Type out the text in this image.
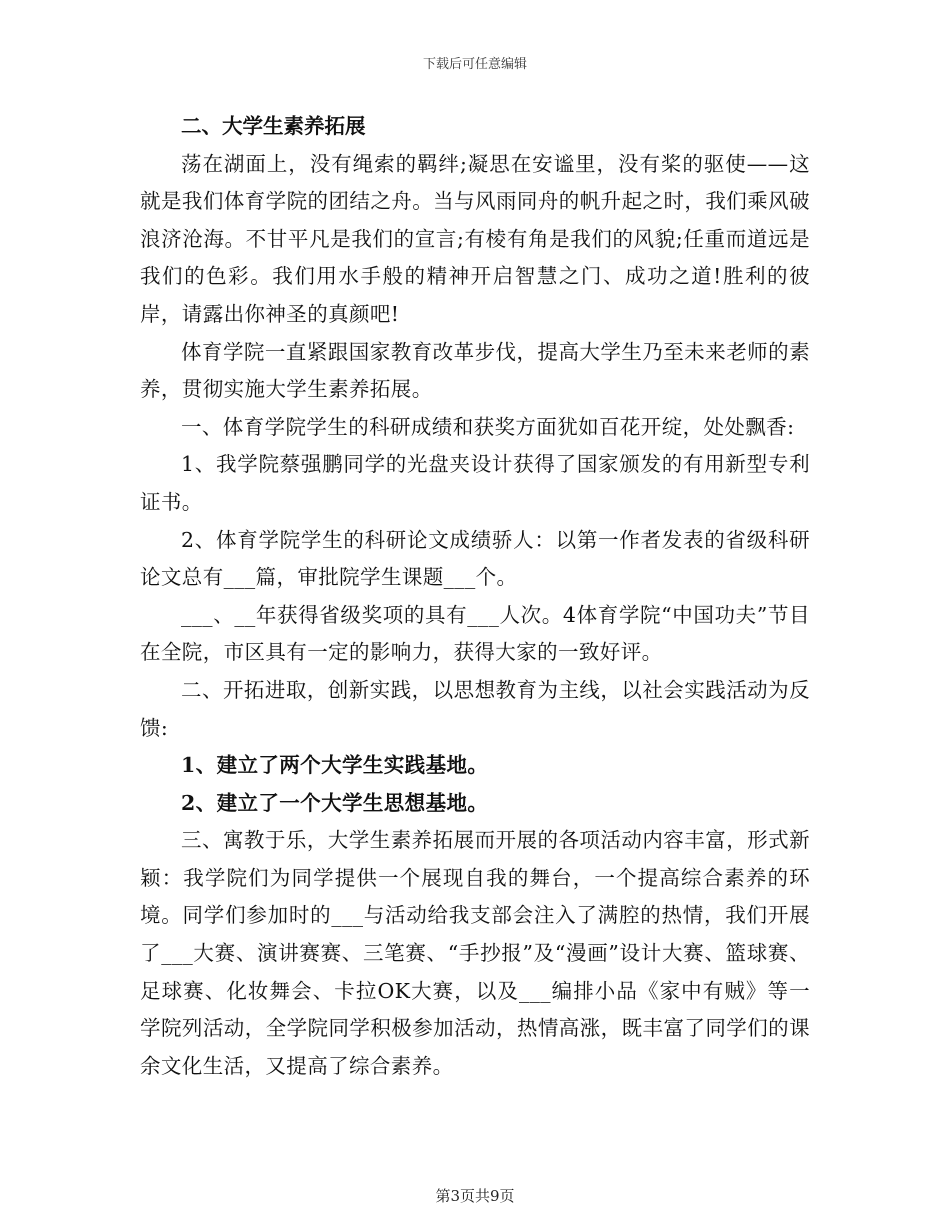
下载后可任意编辑

二、大学生素养拓展

荡在湖面上，没有绳索的羁绊;凝思在安谧里，没有桨的驱使——这就是我们体育学院的团结之舟。当与风雨同舟的帆升起之时，我们乘风破浪济沧海。不甘平凡是我们的宣言;有棱有角是我们的风貌;任重而道远是我们的色彩。我们用水手般的精神开启智慧之门、成功之道!胜利的彼岸，请露出你神圣的真颜吧!

体育学院一直紧跟国家教育改革步伐，提高大学生乃至未来老师的素养，贯彻实施大学生素养拓展。

一、体育学院学生的科研成绩和获奖方面犹如百花开绽，处处飘香:

1、我学院蔡强鹏同学的光盘夹设计获得了国家颁发的有用新型专利证书。

2、体育学院学生的科研论文成绩骄人：以第一作者发表的省级科研论文总有___篇，审批院学生课题___个。

___、__年获得省级奖项的具有___人次。4体育学院“中国功夫”节目在全院，市区具有一定的影响力，获得大家的一致好评。

二、开拓进取，创新实践，以思想教育为主线，以社会实践活动为反馈:

1、建立了两个大学生实践基地。

2、建立了一个大学生思想基地。

三、寓教于乐，大学生素养拓展而开展的各项活动内容丰富，形式新颖：我学院们为同学提供一个展现自我的舞台，一个提高综合素养的环境。同学们参加时的___与活动给我支部会注入了满腔的热情，我们开展了___大赛、演讲赛赛、三笔赛、“手抄报”及“漫画”设计大赛、篮球赛、足球赛、化妆舞会、卡拉OK大赛，以及___编排小品《家中有贼》等一学院列活动，全学院同学积极参加活动，热情高涨，既丰富了同学们的课余文化生活，又提高了综合素养。

第3页共9页
